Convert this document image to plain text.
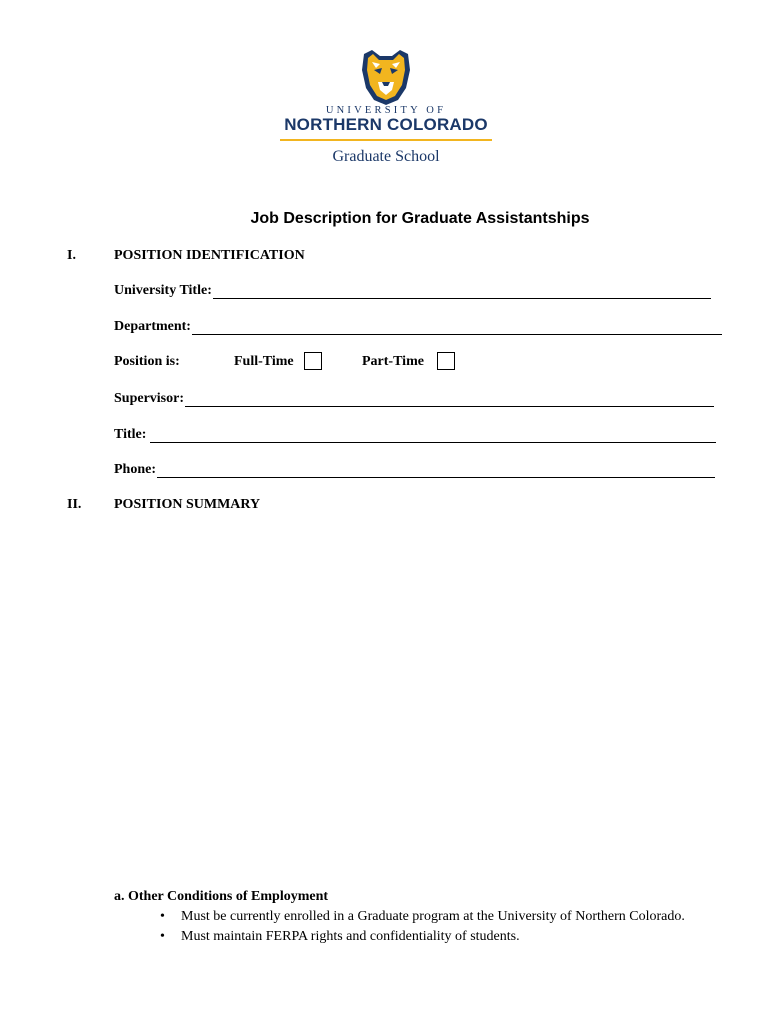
UNIVERSITY OF
NORTHERN COLORADO
Graduate School
Job Description for Graduate Assistantships
I.	POSITION IDENTIFICATION
University Title:
Department:
Position is:	Full-Time	Part-Time
Supervisor:
Title:
Phone:
II. POSITION SUMMARY
a. Other Conditions of Employment
• Must be currently enrolled in a Graduate program at the University of Northern Colorado.
• Must maintain FERPA rights and confidentiality of students.
